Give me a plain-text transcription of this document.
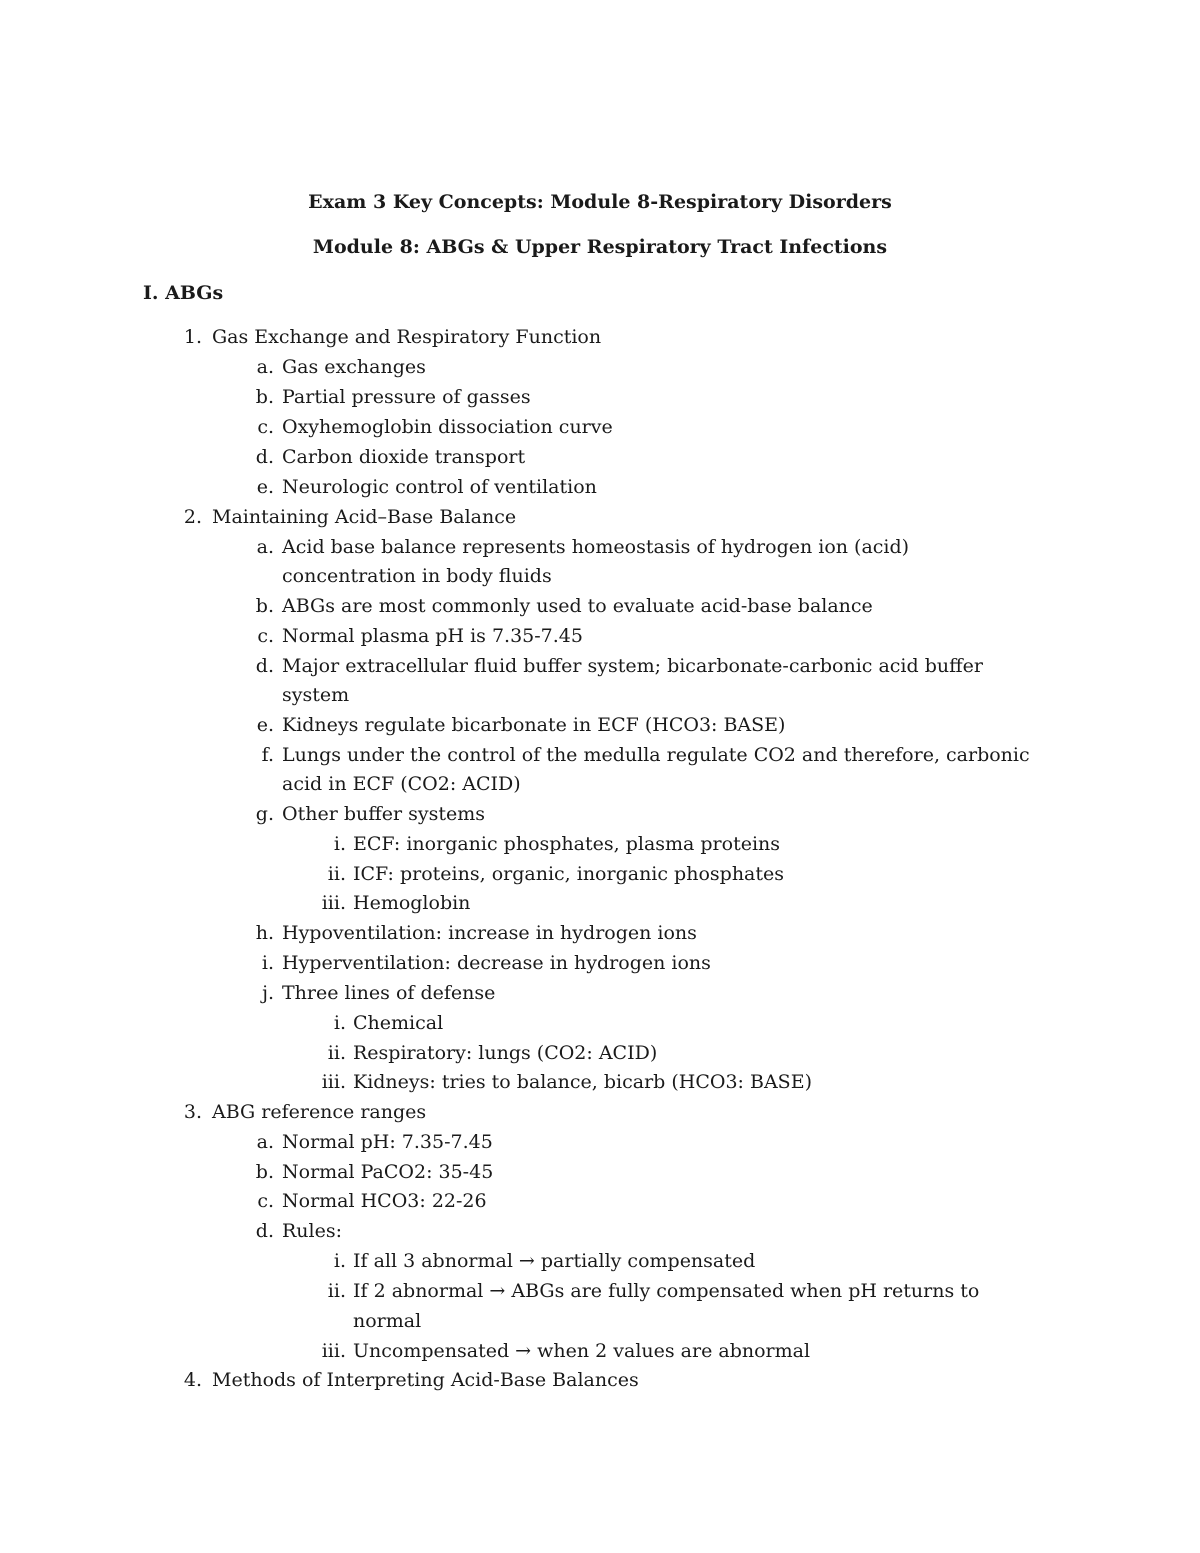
Exam 3 Key Concepts: Module 8-Respiratory Disorders
Module 8: ABGs & Upper Respiratory Tract Infections
I. ABGs
1. Gas Exchange and Respiratory Function
a. Gas exchanges
b. Partial pressure of gasses
c. Oxyhemoglobin dissociation curve
d. Carbon dioxide transport
e. Neurologic control of ventilation
2. Maintaining Acid–Base Balance
a. Acid base balance represents homeostasis of hydrogen ion (acid)
concentration in body fluids
b. ABGs are most commonly used to evaluate acid-base balance
c. Normal plasma pH is 7.35-7.45
d. Major extracellular fluid buffer system; bicarbonate-carbonic acid buffer
system
e. Kidneys regulate bicarbonate in ECF (HCO3: BASE)
f. Lungs under the control of the medulla regulate CO2 and therefore, carbonic
acid in ECF (CO2: ACID)
g. Other buffer systems
i. ECF: inorganic phosphates, plasma proteins
ii. ICF: proteins, organic, inorganic phosphates
iii. Hemoglobin
h. Hypoventilation: increase in hydrogen ions
i. Hyperventilation: decrease in hydrogen ions
j. Three lines of defense
i. Chemical
ii. Respiratory: lungs (CO2: ACID)
iii. Kidneys: tries to balance, bicarb (HCO3: BASE)
3. ABG reference ranges
a. Normal pH: 7.35-7.45
b. Normal PaCO2: 35-45
c. Normal HCO3: 22-26
d. Rules:
i. If all 3 abnormal → partially compensated
ii. If 2 abnormal → ABGs are fully compensated when pH returns to
normal
iii. Uncompensated → when 2 values are abnormal
4. Methods of Interpreting Acid-Base Balances
